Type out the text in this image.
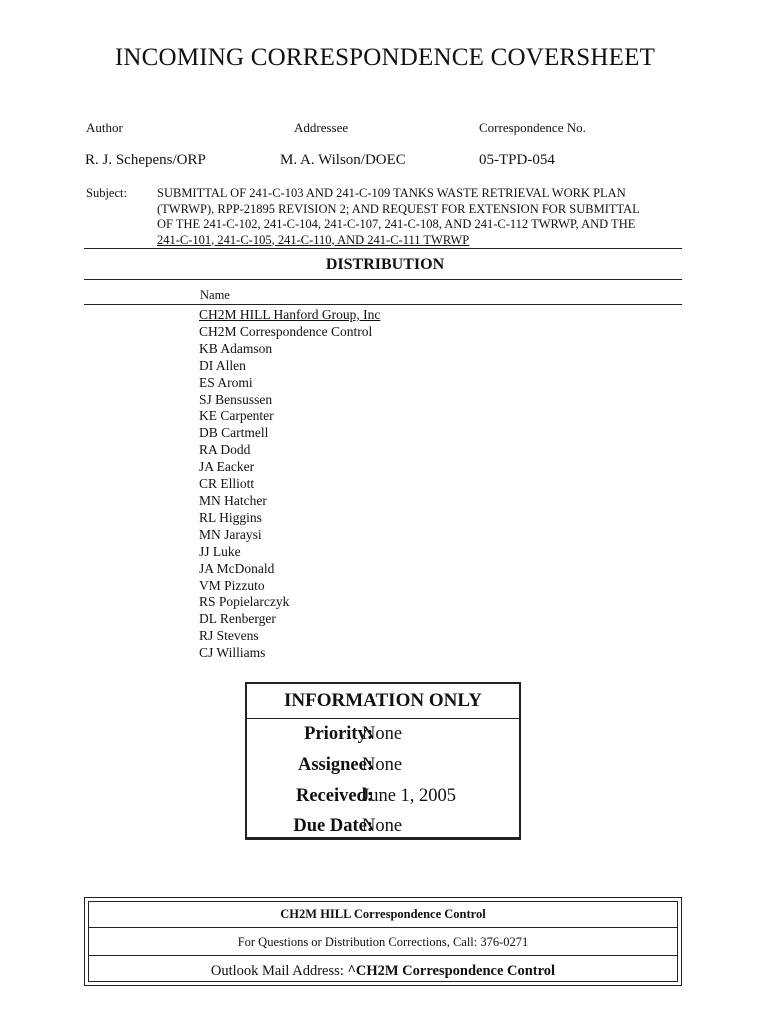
INCOMING CORRESPONDENCE COVERSHEET
Author	Addressee	Correspondence No.
R. J. Schepens/ORP	M. A. Wilson/DOEC	05-TPD-054
Subject: SUBMITTAL OF 241-C-103 AND 241-C-109 TANKS WASTE RETRIEVAL WORK PLAN
(TWRWP), RPP-21895 REVISION 2; AND REQUEST FOR EXTENSION FOR SUBMITTAL
OF THE 241-C-102, 241-C-104, 241-C-107, 241-C-108, AND 241-C-112 TWRWP, AND THE
241-C-101, 241-C-105, 241-C-110, AND 241-C-111 TWRWP
DISTRIBUTION
Name
CH2M HILL Hanford Group, Inc
CH2M Correspondence Control
KB Adamson
DI Allen
ES Aromi
SJ Bensussen
KE Carpenter
DB Cartmell
RA Dodd
JA Eacker
CR Elliott
MN Hatcher
RL Higgins
MN Jaraysi
JJ Luke
JA McDonald
VM Pizzuto
RS Popielarczyk
DL Renberger
RJ Stevens
CJ Williams
INFORMATION ONLY
Priority:
None
Assignee:
None
Received:
June 1, 2005
Due Date:
None
CH2M HILL Correspondence Control
For Questions or Distribution Corrections, Call: 376-0271
Outlook Mail Address: ^CH2M Correspondence Control
